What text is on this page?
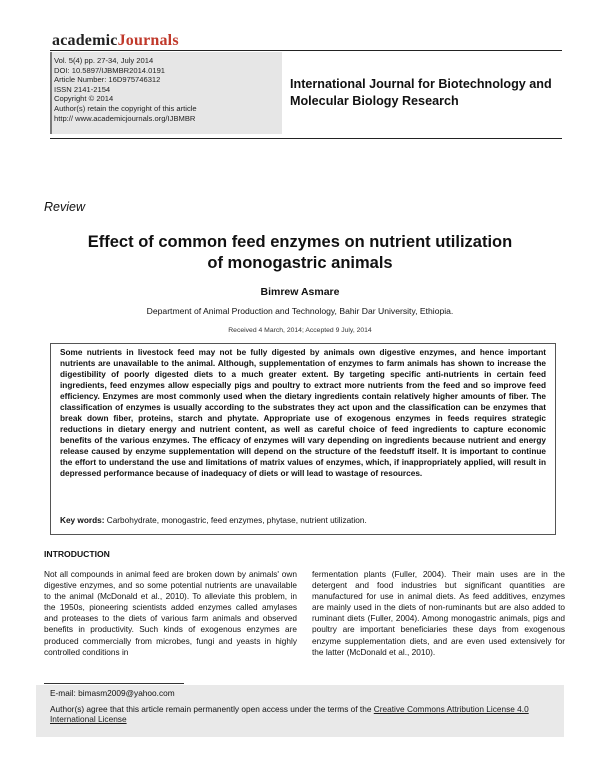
academicJournals
Vol. 5(4) pp. 27-34, July 2014
DOI: 10.5897/IJBMBR2014.0191
Article Number: 16D975746312
ISSN 2141-2154
Copyright © 2014
Author(s) retain the copyright of this article
http:// www.academicjournals.org/IJBMBR
International Journal for Biotechnology and
Molecular Biology Research
Review
Effect of common feed enzymes on nutrient utilization
of monogastric animals
Bimrew Asmare
Department of Animal Production and Technology, Bahir Dar University, Ethiopia.
Received 4 March, 2014; Accepted 9 July, 2014
Some nutrients in livestock feed may not be fully digested by animals own digestive enzymes, and hence important nutrients are unavailable to the animal. Although, supplementation of enzymes to farm animals has shown to increase the digestibility of poorly digested diets to a much greater extent. By targeting specific anti-nutrients in certain feed ingredients, feed enzymes allow especially pigs and poultry to extract more nutrients from the feed and so improve feed efficiency. Enzymes are most commonly used when the dietary ingredients contain relatively higher amounts of fiber. The classification of enzymes is usually according to the substrates they act upon and the classification can be enzymes that break down fiber, proteins, starch and phytate. Appropriate use of exogenous enzymes in feeds requires strategic reductions in dietary energy and nutrient content, as well as careful choice of feed ingredients to capture economic benefits of the various enzymes. The efficacy of enzymes will vary depending on ingredients because nutrient and energy release caused by enzyme supplementation will depend on the structure of the feedstuff itself. It is important to continue the effort to understand the use and limitations of matrix values of enzymes, which, if inappropriately applied, will result in depressed performance because of inadequacy of diets or will lead to wastage of resources.
Key words: Carbohydrate, monogastric, feed enzymes, phytase, nutrient utilization.
INTRODUCTION
Not all compounds in animal feed are broken down by animals' own digestive enzymes, and so some potential nutrients are unavailable to the animal (McDonald et al., 2010). To alleviate this problem, in the 1950s, pioneering scientists added enzymes called amylases and proteases to the diets of various farm animals and observed benefits in productivity. Such kinds of exogenous enzymes are produced commercially from microbes, fungi and yeasts in highly controlled conditions in
fermentation plants (Fuller, 2004). Their main uses are in the detergent and food industries but significant quantities are manufactured for use in animal diets. As feed additives, enzymes are mainly used in the diets of non-ruminants but are also added to ruminant diets (Fuller, 2004). Among monogastric animals, pigs and poultry are important beneficiaries these days from exogenous enzyme supplementation diets, and are even used extensively for the latter (McDonald et al., 2010).
E-mail: bimasm2009@yahoo.com
Author(s) agree that this article remain permanently open access under the terms of the Creative Commons Attribution License 4.0 International License
